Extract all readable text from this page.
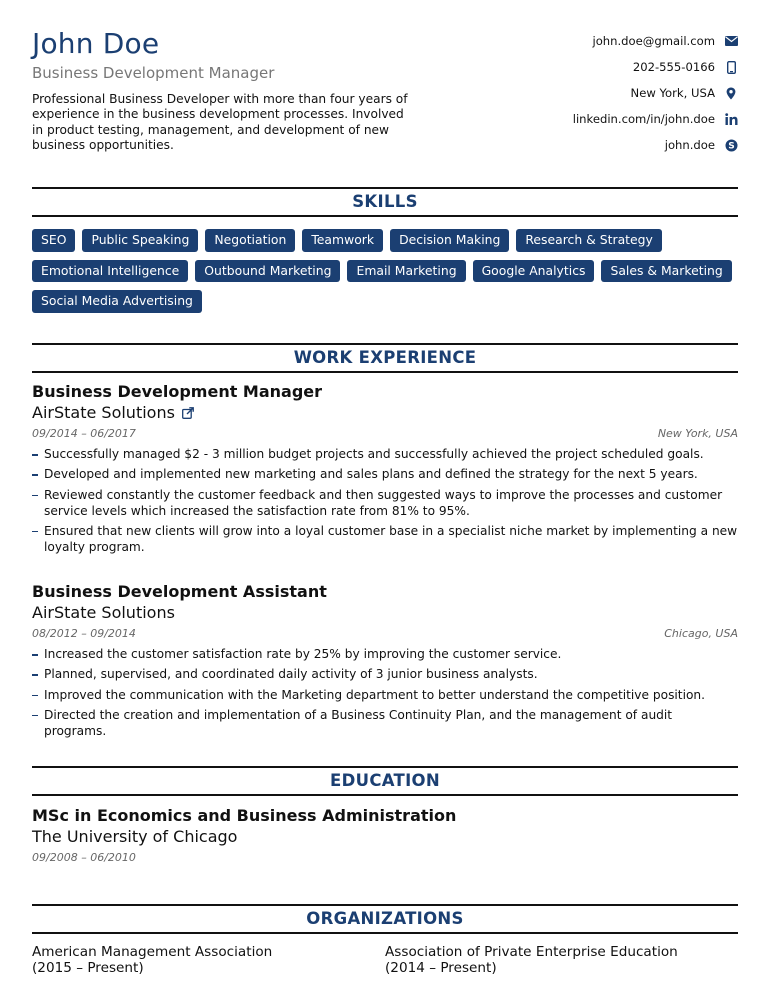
John Doe
Business Development Manager
Professional Business Developer with more than four years of experience in the business development processes. Involved in product testing, management, and development of new business opportunities.
john.doe@gmail.com
202-555-0166
New York, USA
linkedin.com/in/john.doe
john.doe S
SKILLS
SEO	Public Speaking	Negotiation	Teamwork	Decision Making	Research & Strategy
Emotional Intelligence	Outbound Marketing	Email Marketing	Google Analytics	Sales & Marketing
Social Media Advertising
WORK EXPERIENCE
Business Development Manager
AirState Solutions
09/2014 – 06/2017	New York, USA
Successfully managed $2 - 3 million budget projects and successfully achieved the project scheduled goals.
Developed and implemented new marketing and sales plans and defined the strategy for the next 5 years.
Reviewed constantly the customer feedback and then suggested ways to improve the processes and customer service levels which increased the satisfaction rate from 81% to 95%.
Ensured that new clients will grow into a loyal customer base in a specialist niche market by implementing a new loyalty program.
Business Development Assistant
AirState Solutions
08/2012 – 09/2014	Chicago, USA
Increased the customer satisfaction rate by 25% by improving the customer service.
Planned, supervised, and coordinated daily activity of 3 junior business analysts.
Improved the communication with the Marketing department to better understand the competitive position.
Directed the creation and implementation of a Business Continuity Plan, and the management of audit programs.
EDUCATION
MSc in Economics and Business Administration
The University of Chicago
09/2008 – 06/2010
ORGANIZATIONS
American Management Association
(2015 – Present)
Association of Private Enterprise Education
(2014 – Present)
